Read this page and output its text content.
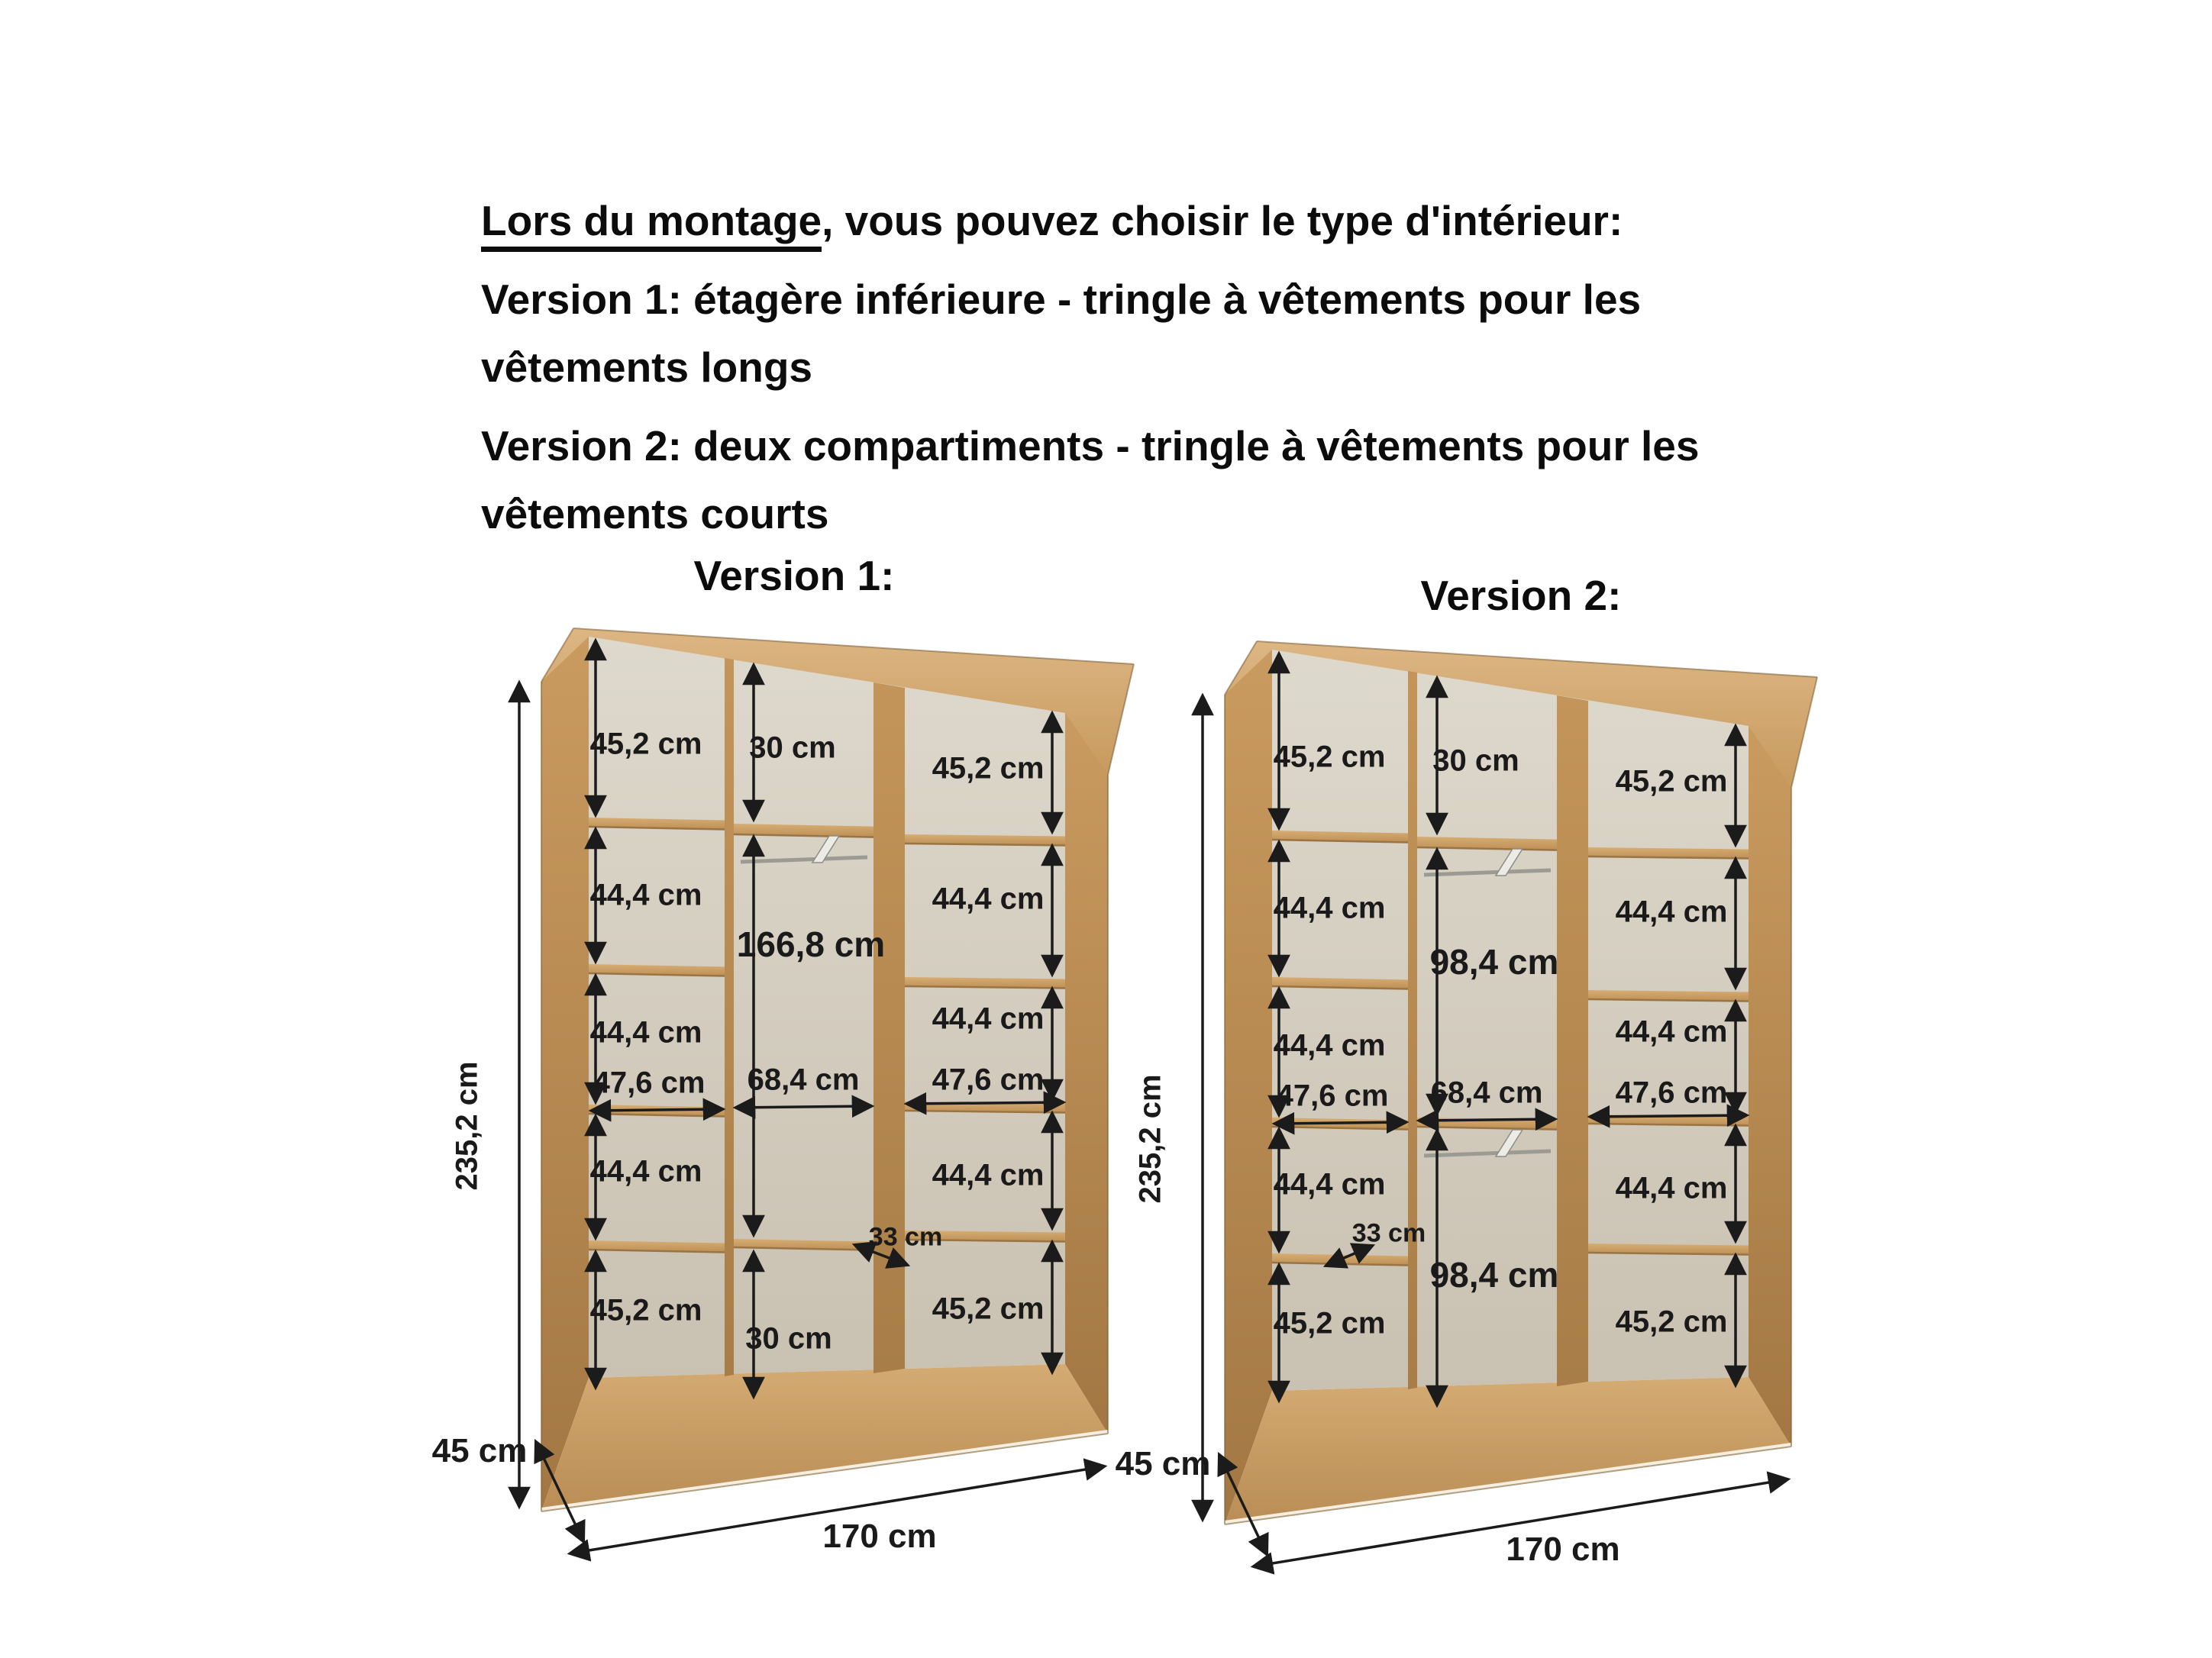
Lors du montage, vous pouvez choisir le type d'intérieur:

Version 1: étagère inférieure - tringle à vêtements pour les vêtements longs

Version 2: deux compartiments - tringle à vêtements pour les vêtements courts

Version 1:	Version 2:
235,2 cm
45,2 cm
44,4 cm
44,4 cm
47,6 cm
44,4 cm
45,2 cm
30 cm
166,8 cm
68,4 cm
33 cm
30 cm
45,2 cm
44,4 cm
44,4 cm
47,6 cm
44,4 cm
45,2 cm
45 cm
170 cm
235,2 cm
45,2 cm
44,4 cm
44,4 cm
47,6 cm
44,4 cm
33 cm
45,2 cm
30 cm
98,4 cm
68,4 cm
98,4 cm
45,2 cm
44,4 cm
44,4 cm
47,6 cm
44,4 cm
45,2 cm
45 cm
170 cm
